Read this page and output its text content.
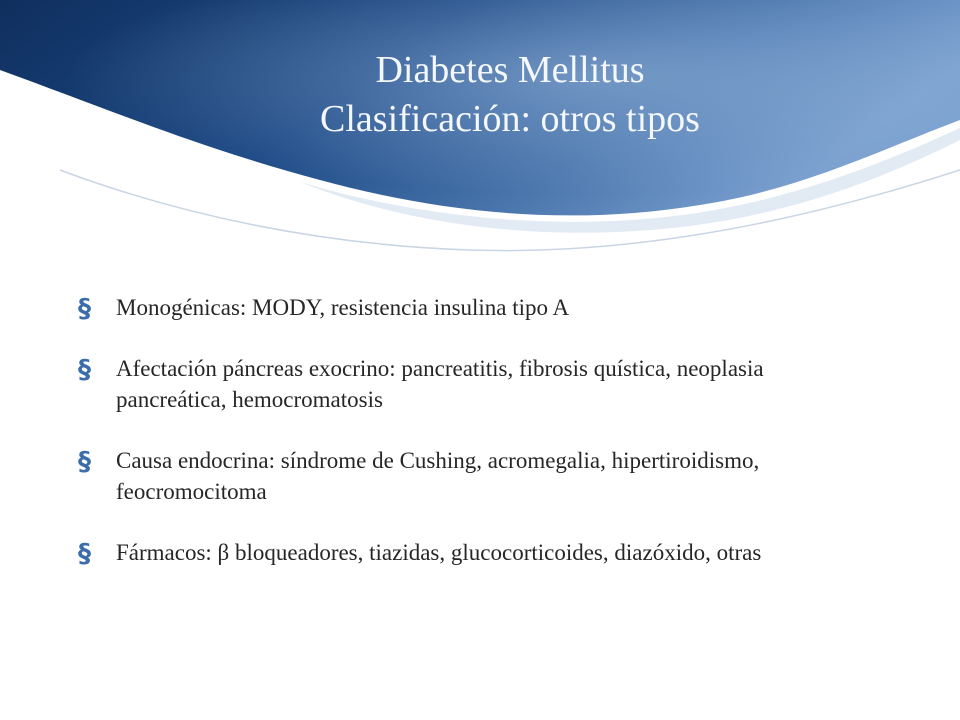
Diabetes Mellitus
Clasificación: otros tipos
§ Monogénicas: MODY, resistencia insulina tipo A
§ Afectación páncreas exocrino: pancreatitis, fibrosis quística, neoplasia pancreática, hemocromatosis
§ Causa endocrina: síndrome de Cushing, acromegalia, hipertiroidismo, feocromocitoma
§ Fármacos: β bloqueadores, tiazidas, glucocorticoides, diazóxido, otras
